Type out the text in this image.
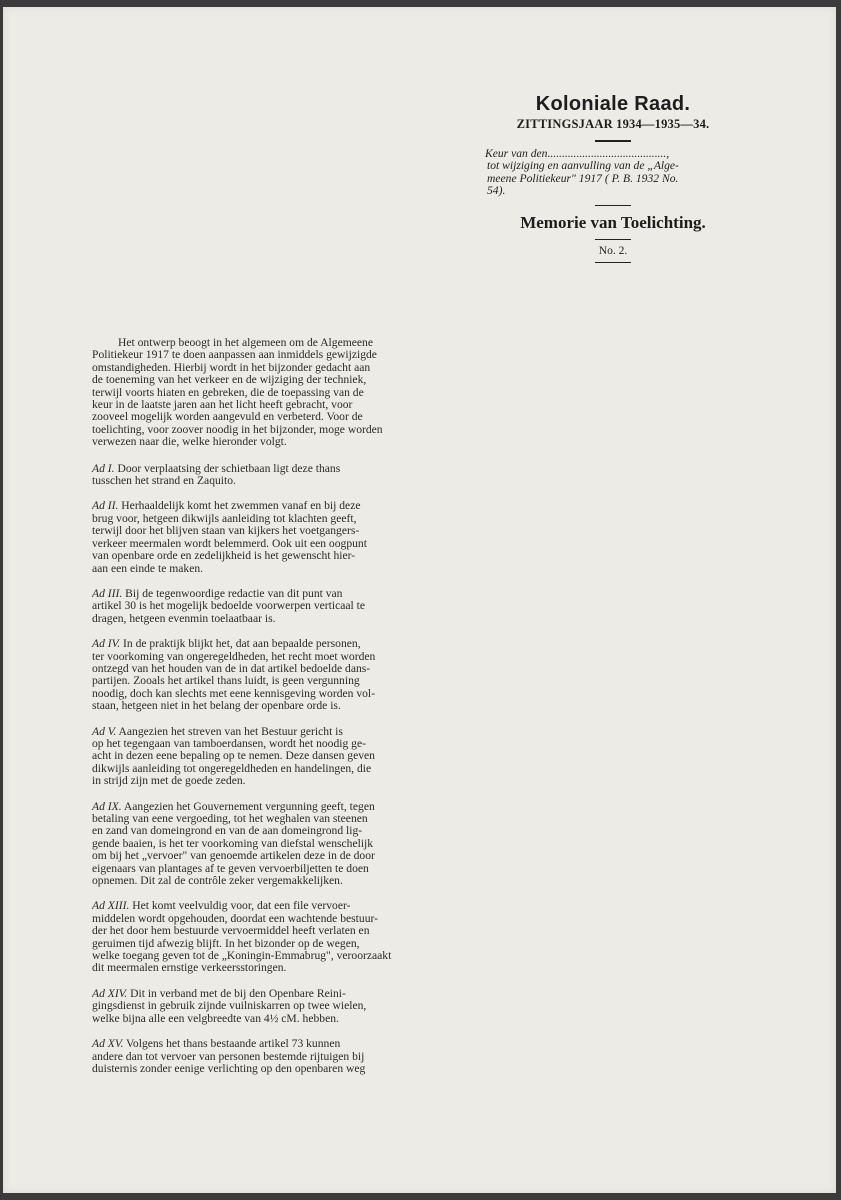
Koloniale Raad.

ZITTINGSJAAR 1934—1935—34.

Keur van den.........................................,
tot wijziging en aanvulling van de „Alge-
meene Politiekeur" 1917 ( P. B. 1932 No.
54).

Memorie van Toelichting.

No. 2.

Het ontwerp beoogt in het algemeen om de Algemeene
Politiekeur 1917 te doen aanpassen aan inmiddels gewijzigde
omstandigheden. Hierbij wordt in het bijzonder gedacht aan
de toeneming van het verkeer en de wijziging der techniek,
terwijl voorts hiaten en gebreken, die de toepassing van de
keur in de laatste jaren aan het licht heeft gebracht, voor
zooveel mogelijk worden aangevuld en verbeterd. Voor de
toelichting, voor zoover noodig in het bijzonder, moge worden
verwezen naar die, welke hieronder volgt.

Ad I. Door verplaatsing der schietbaan ligt deze thans
tusschen het strand en Zaquito.

Ad II. Herhaaldelijk komt het zwemmen vanaf en bij deze
brug voor, hetgeen dikwijls aanleiding tot klachten geeft,
terwijl door het blijven staan van kijkers het voetgangers-
verkeer meermalen wordt belemmerd. Ook uit een oogpunt
van openbare orde en zedelijkheid is het gewenscht hier-
aan een einde te maken.

Ad III. Bij de tegenwoordige redactie van dit punt van
artikel 30 is het mogelijk bedoelde voorwerpen verticaal te
dragen, hetgeen evenmin toelaatbaar is.

Ad IV. In de praktijk blijkt het, dat aan bepaalde personen,
ter voorkoming van ongeregeldheden, het recht moet worden
ontzegd van het houden van de in dat artikel bedoelde dans-
partijen. Zooals het artikel thans luidt, is geen vergunning
noodig, doch kan slechts met eene kennisgeving worden vol-
staan, hetgeen niet in het belang der openbare orde is.

Ad V. Aangezien het streven van het Bestuur gericht is
op het tegengaan van tamboerdansen, wordt het noodig ge-
acht in dezen eene bepaling op te nemen. Deze dansen geven
dikwijls aanleiding tot ongeregeldheden en handelingen, die
in strijd zijn met de goede zeden.

Ad IX. Aangezien het Gouvernement vergunning geeft, tegen
betaling van eene vergoeding, tot het weghalen van steenen
en zand van domeingrond en van de aan domeingrond lig-
gende baaien, is het ter voorkoming van diefstal wenschelijk
om bij het „vervoer" van genoemde artikelen deze in de door
eigenaars van plantages af te geven vervoerbiljetten te doen
opnemen. Dit zal de contrôle zeker vergemakkelijken.

Ad XIII. Het komt veelvuldig voor, dat een file vervoer-
middelen wordt opgehouden, doordat een wachtende bestuur-
der het door hem bestuurde vervoermiddel heeft verlaten en
geruimen tijd afwezig blijft. In het bizonder op de wegen,
welke toegang geven tot de „Koningin-Emmabrug", veroorzaakt
dit meermalen ernstige verkeersstoringen.

Ad XIV. Dit in verband met de bij den Openbare Reini-
gingsdienst in gebruik zijnde vuilniskarren op twee wielen,
welke bijna alle een velgbreedte van 4½ cM. hebben.

Ad XV. Volgens het thans bestaande artikel 73 kunnen
andere dan tot vervoer van personen bestemde rijtuigen bij
duisternis zonder eenige verlichting op den openbaren weg
